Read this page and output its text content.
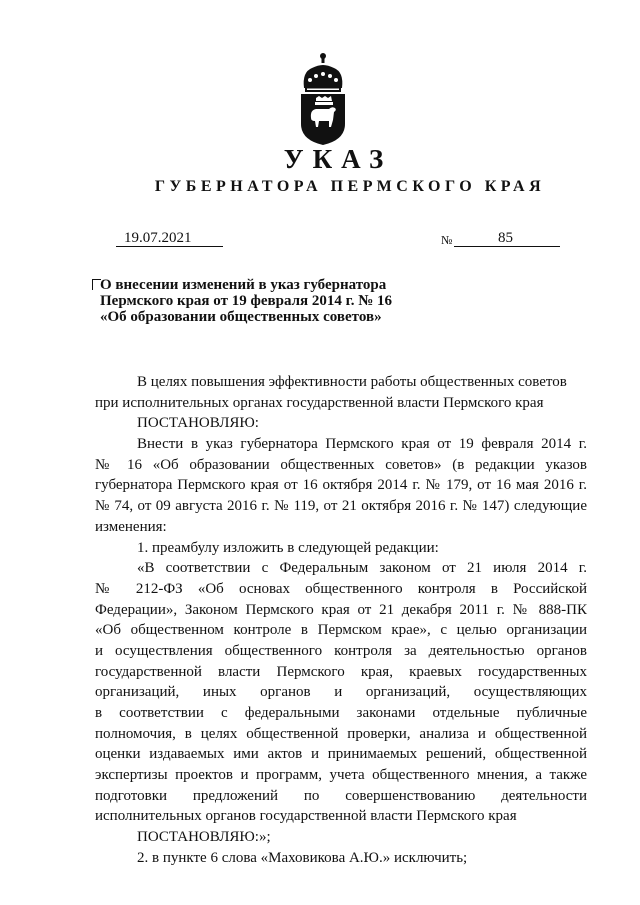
УКАЗ
ГУБЕРНАТОРА ПЕРМСКОГО КРАЯ
19.07.2021	№	85
О внесении изменений в указ губернатора
Пермского края от 19 февраля 2014 г. № 16
«Об образовании общественных советов»
В целях повышения эффективности работы общественных советов
при исполнительных органах государственной власти Пермского края
ПОСТАНОВЛЯЮ:
Внести в указ губернатора Пермского края от 19 февраля 2014 г.
№ 16 «Об образовании общественных советов» (в редакции указов
губернатора Пермского края от 16 октября 2014 г. № 179, от 16 мая 2016 г.
№ 74, от 09 августа 2016 г. № 119, от 21 октября 2016 г. № 147) следующие
изменения:
1. преамбулу изложить в следующей редакции:
«В соответствии с Федеральным законом от 21 июля 2014 г.
№ 212-ФЗ «Об основах общественного контроля в Российской
Федерации», Законом Пермского края от 21 декабря 2011 г. № 888-ПК
«Об общественном контроле в Пермском крае», с целью организации
и осуществления общественного контроля за деятельностью органов
государственной власти Пермского края, краевых государственных
организаций, иных органов и организаций, осуществляющих
в соответствии с федеральными законами отдельные публичные
полномочия, в целях общественной проверки, анализа и общественной
оценки издаваемых ими актов и принимаемых решений, общественной
экспертизы проектов и программ, учета общественного мнения, а также
подготовки предложений по совершенствованию деятельности
исполнительных органов государственной власти Пермского края
ПОСТАНОВЛЯЮ:»;
2. в пункте 6 слова «Маховикова А.Ю.» исключить;
